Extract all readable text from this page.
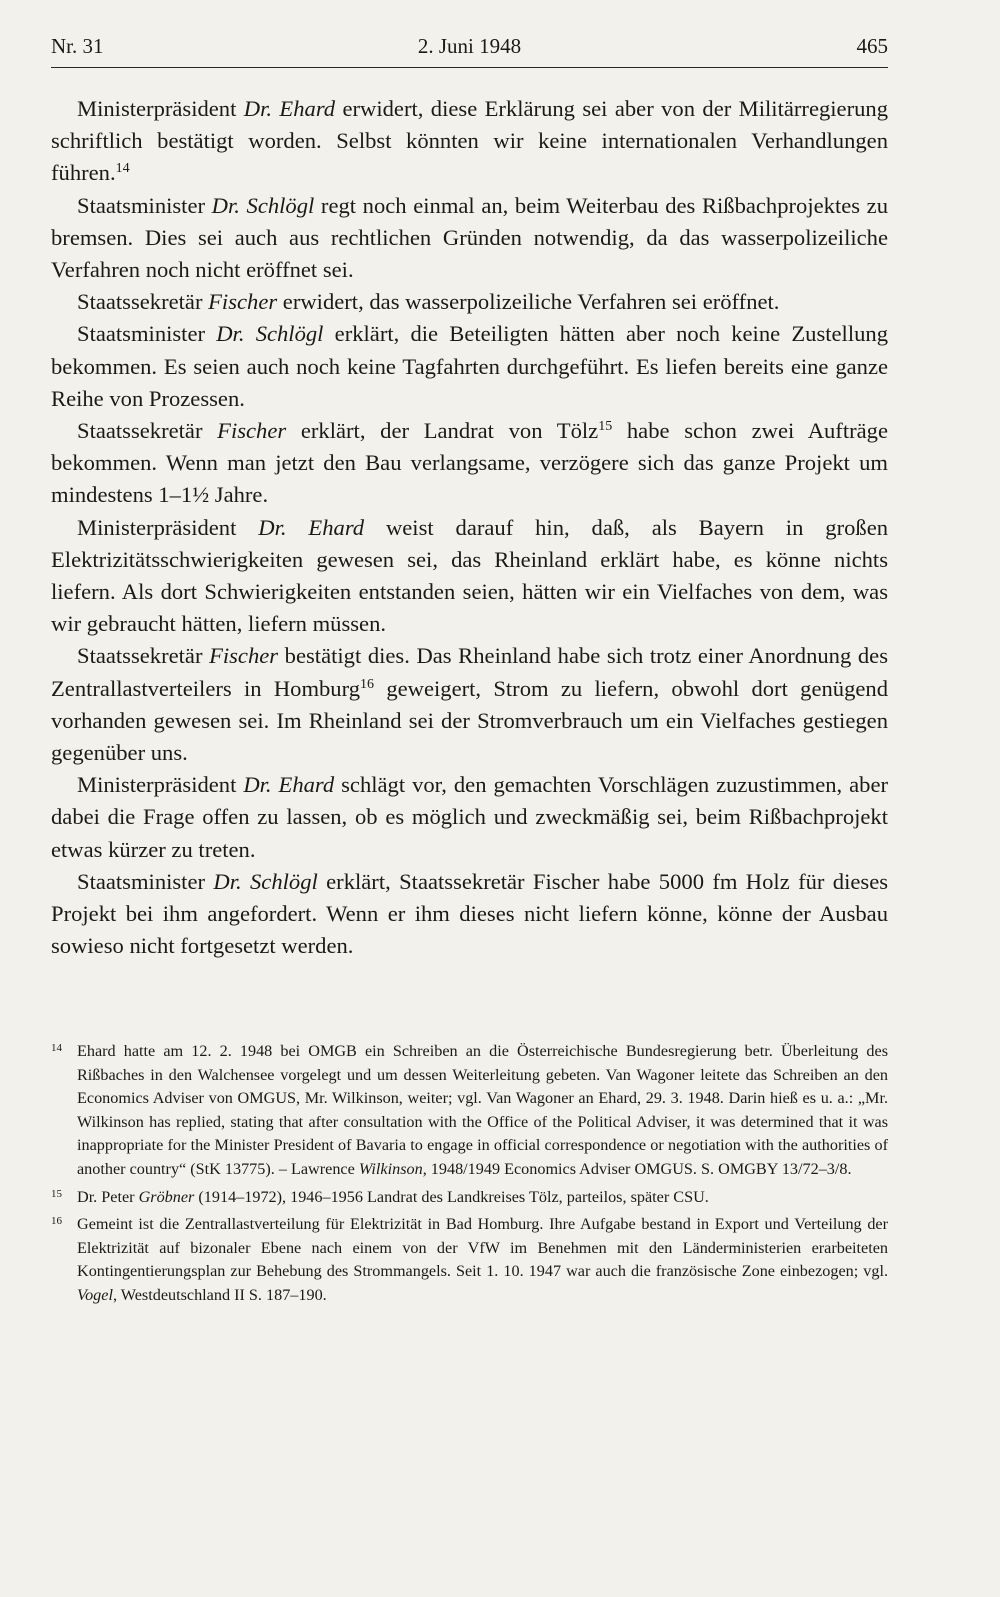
Nr. 31	2. Juni 1948	465

Ministerpräsident Dr. Ehard erwidert, diese Erklärung sei aber von der Militärregierung schriftlich bestätigt worden. Selbst könnten wir keine internationalen Verhandlungen führen.$^{14}$

Staatsminister Dr. Schlögl regt noch einmal an, beim Weiterbau des Rißbachprojektes zu bremsen. Dies sei auch aus rechtlichen Gründen notwendig, da das wasserpolizeiliche Verfahren noch nicht eröffnet sei.

Staatssekretär Fischer erwidert, das wasserpolizeiliche Verfahren sei eröffnet.

Staatsminister Dr. Schlögl erklärt, die Beteiligten hätten aber noch keine Zustellung bekommen. Es seien auch noch keine Tagfahrten durchgeführt. Es liefen bereits eine ganze Reihe von Prozessen.

Staatssekretär Fischer erklärt, der Landrat von Tölz$^{15}$ habe schon zwei Aufträge bekommen. Wenn man jetzt den Bau verlangsame, verzögere sich das ganze Projekt um mindestens 1–1½ Jahre.

Ministerpräsident Dr. Ehard weist darauf hin, daß, als Bayern in großen Elektrizitätsschwierigkeiten gewesen sei, das Rheinland erklärt habe, es könne nichts liefern. Als dort Schwierigkeiten entstanden seien, hätten wir ein Vielfaches von dem, was wir gebraucht hätten, liefern müssen.

Staatssekretär Fischer bestätigt dies. Das Rheinland habe sich trotz einer Anordnung des Zentrallastverteilers in Homburg$^{16}$ geweigert, Strom zu liefern, obwohl dort genügend vorhanden gewesen sei. Im Rheinland sei der Stromverbrauch um ein Vielfaches gestiegen gegenüber uns.

Ministerpräsident Dr. Ehard schlägt vor, den gemachten Vorschlägen zuzustimmen, aber dabei die Frage offen zu lassen, ob es möglich und zweckmäßig sei, beim Rißbachprojekt etwas kürzer zu treten.

Staatsminister Dr. Schlögl erklärt, Staatssekretär Fischer habe 5000 fm Holz für dieses Projekt bei ihm angefordert. Wenn er ihm dieses nicht liefern könne, könne der Ausbau sowieso nicht fortgesetzt werden.

14 Ehard hatte am 12. 2. 1948 bei OMGB ein Schreiben an die Österreichische Bundesregierung betr. Überleitung des Rißbaches in den Walchensee vorgelegt und um dessen Weiterleitung gebeten. Van Wagoner leitete das Schreiben an den Economics Adviser von OMGUS, Mr. Wilkinson, weiter; vgl. Van Wagoner an Ehard, 29. 3. 1948. Darin hieß es u. a.: „Mr. Wilkinson has replied, stating that after consultation with the Office of the Political Adviser, it was determined that it was inappropriate for the Minister President of Bavaria to engage in official correspondence or negotiation with the authorities of another country“ (StK 13775). – Lawrence Wilkinson, 1948/1949 Economics Adviser OMGUS. S. OMGBY 13/72–3/8.
15 Dr. Peter Gröbner (1914–1972), 1946–1956 Landrat des Landkreises Tölz, parteilos, später CSU.
16 Gemeint ist die Zentrallastverteilung für Elektrizität in Bad Homburg. Ihre Aufgabe bestand in Export und Verteilung der Elektrizität auf bizonaler Ebene nach einem von der VfW im Benehmen mit den Länderministerien erarbeiteten Kontingentierungsplan zur Behebung des Strommangels. Seit 1. 10. 1947 war auch die französische Zone einbezogen; vgl. Vogel, Westdeutschland II S. 187–190.
